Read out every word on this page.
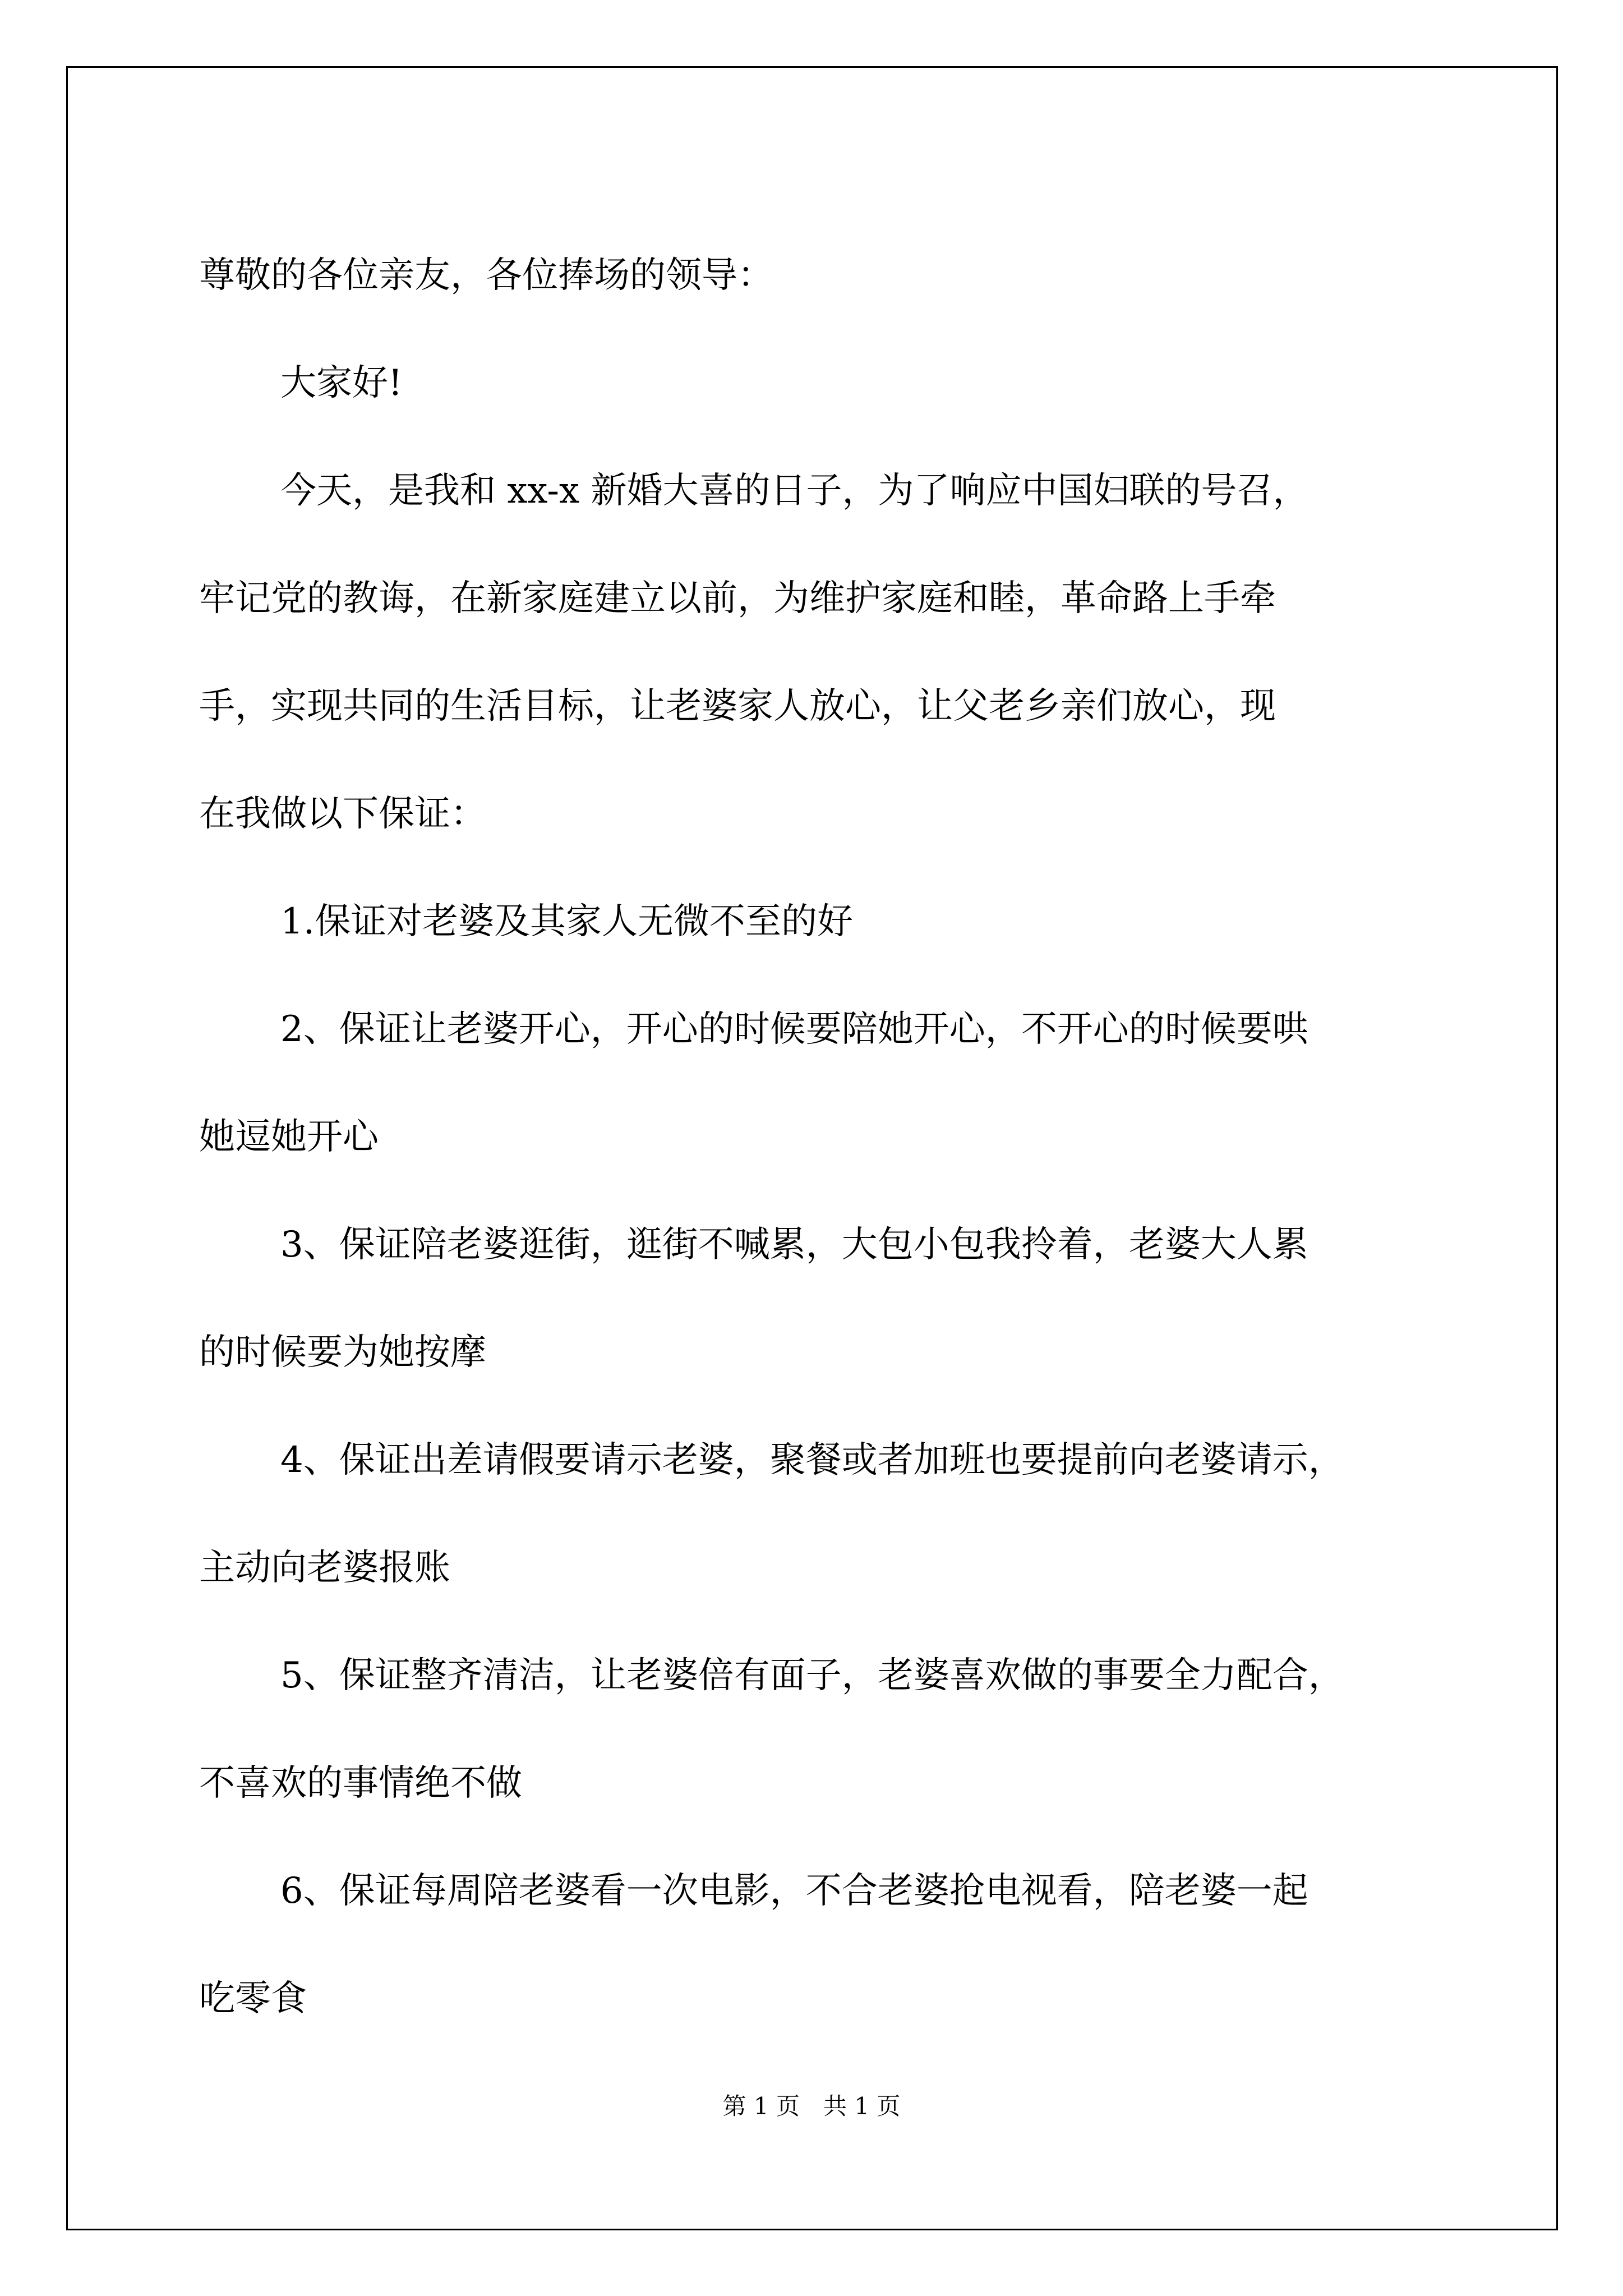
尊敬的各位亲友，各位捧场的领导：

大家好!

今天，是我和 xx-x 新婚大喜的日子，为了响应中国妇联的号召，

牢记党的教诲，在新家庭建立以前，为维护家庭和睦，革命路上手牵

手，实现共同的生活目标，让老婆家人放心，让父老乡亲们放心，现

在我做以下保证：

1.保证对老婆及其家人无微不至的好

2、保证让老婆开心，开心的时候要陪她开心，不开心的时候要哄

她逗她开心

3、保证陪老婆逛街，逛街不喊累，大包小包我拎着，老婆大人累

的时候要为她按摩

4、保证出差请假要请示老婆，聚餐或者加班也要提前向老婆请示，

主动向老婆报账

5、保证整齐清洁，让老婆倍有面子，老婆喜欢做的事要全力配合，

不喜欢的事情绝不做

6、保证每周陪老婆看一次电影，不合老婆抢电视看，陪老婆一起

吃零食

第 1 页　共 1 页
